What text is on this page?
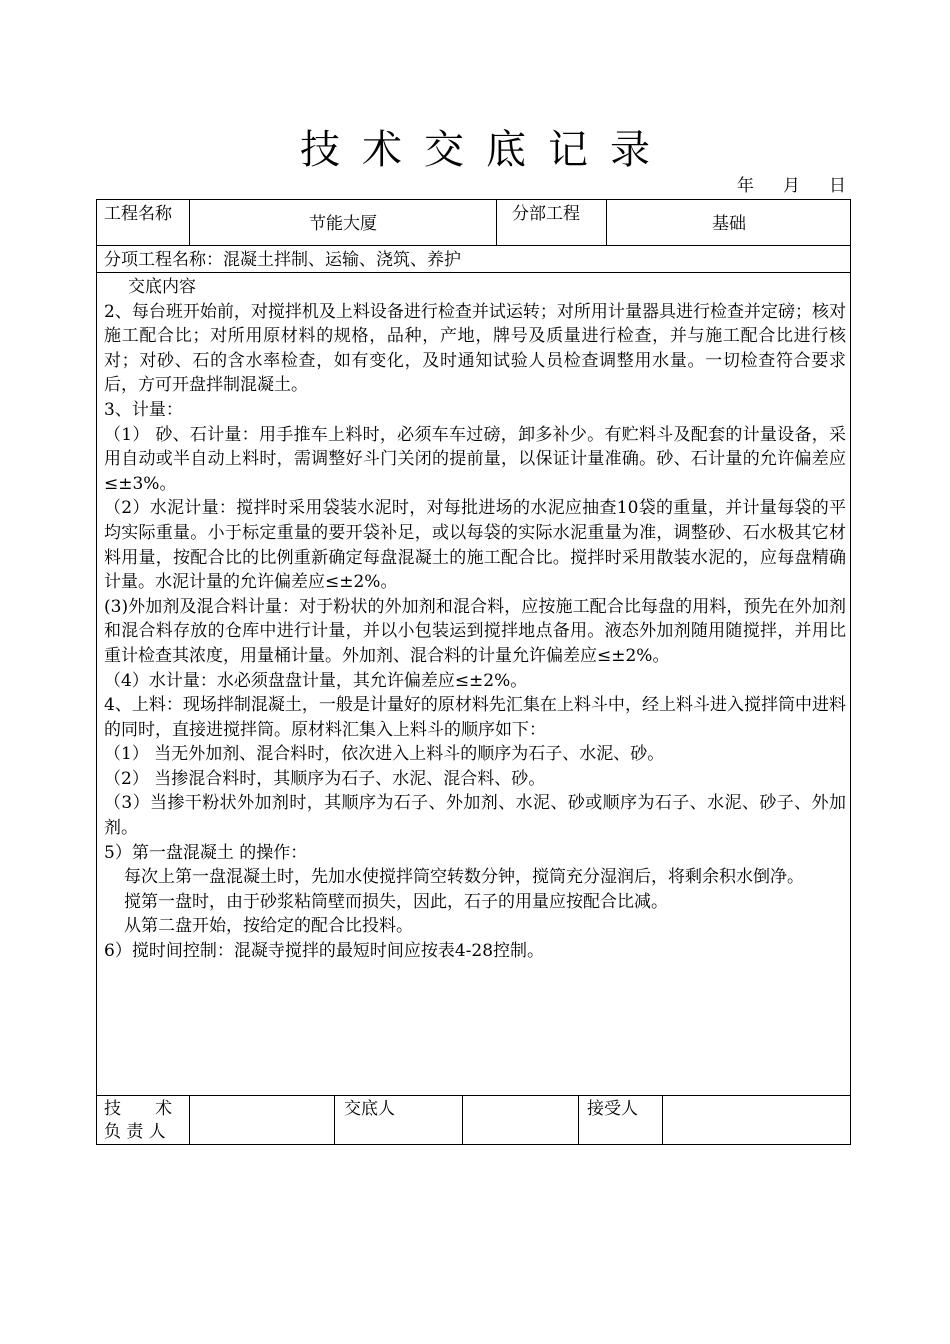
技术交底记录
年 月 日
工程名称	节能大厦	分部工程	基础
分项工程名称：混凝土拌制、运输、浇筑、养护

交底内容

2、每台班开始前，对搅拌机及上料设备进行检查并试运转；对所用计量器具进行检查并定磅；核对施工配合比；对所用原材料的规格，品种，产地，牌号及质量进行检查，并与施工配合比进行核对；对砂、石的含水率检查，如有变化，及时通知试验人员检查调整用水量。一切检查符合要求后，方可开盘拌制混凝土。

3、计量：

（1） 砂、石计量：用手推车上料时，必须车车过磅，卸多补少。有贮料斗及配套的计量设备，采用自动或半自动上料时，需调整好斗门关闭的提前量，以保证计量准确。砂、石计量的允许偏差应≤±3%。

（2）水泥计量：搅拌时采用袋装水泥时，对每批进场的水泥应抽查10袋的重量，并计量每袋的平均实际重量。小于标定重量的要开袋补足，或以每袋的实际水泥重量为准，调整砂、石水极其它材料用量，按配合比的比例重新确定每盘混凝土的施工配合比。搅拌时采用散装水泥的，应每盘精确计量。水泥计量的允许偏差应≤±2%。

(3)外加剂及混合料计量：对于粉状的外加剂和混合料，应按施工配合比每盘的用料，预先在外加剂和混合料存放的仓库中进行计量，并以小包装运到搅拌地点备用。液态外加剂随用随搅拌，并用比重计检查其浓度，用量桶计量。外加剂、混合料的计量允许偏差应≤±2%。

（4）水计量：水必须盘盘计量，其允许偏差应≤±2%。

4、上料：现场拌制混凝土，一般是计量好的原材料先汇集在上料斗中，经上料斗进入搅拌筒中进料的同时，直接进搅拌筒。原材料汇集入上料斗的顺序如下：

（1） 当无外加剂、混合料时，依次进入上料斗的顺序为石子、水泥、砂。

（2） 当掺混合料时，其顺序为石子、水泥、混合料、砂。

（3）当掺干粉状外加剂时，其顺序为石子、外加剂、水泥、砂或顺序为石子、水泥、砂子、外加剂。

5）第一盘混凝土 的操作：

每次上第一盘混凝土时，先加水使搅拌筒空转数分钟，搅筒充分湿润后，将剩余积水倒净。

搅第一盘时，由于砂浆粘筒壁而损失，因此，石子的用量应按配合比减。

从第二盘开始，按给定的配合比投料。

6）搅时间控制：混凝寺搅拌的最短时间应按表4-28控制。

技　　术
负 责 人
交底人	接受人
